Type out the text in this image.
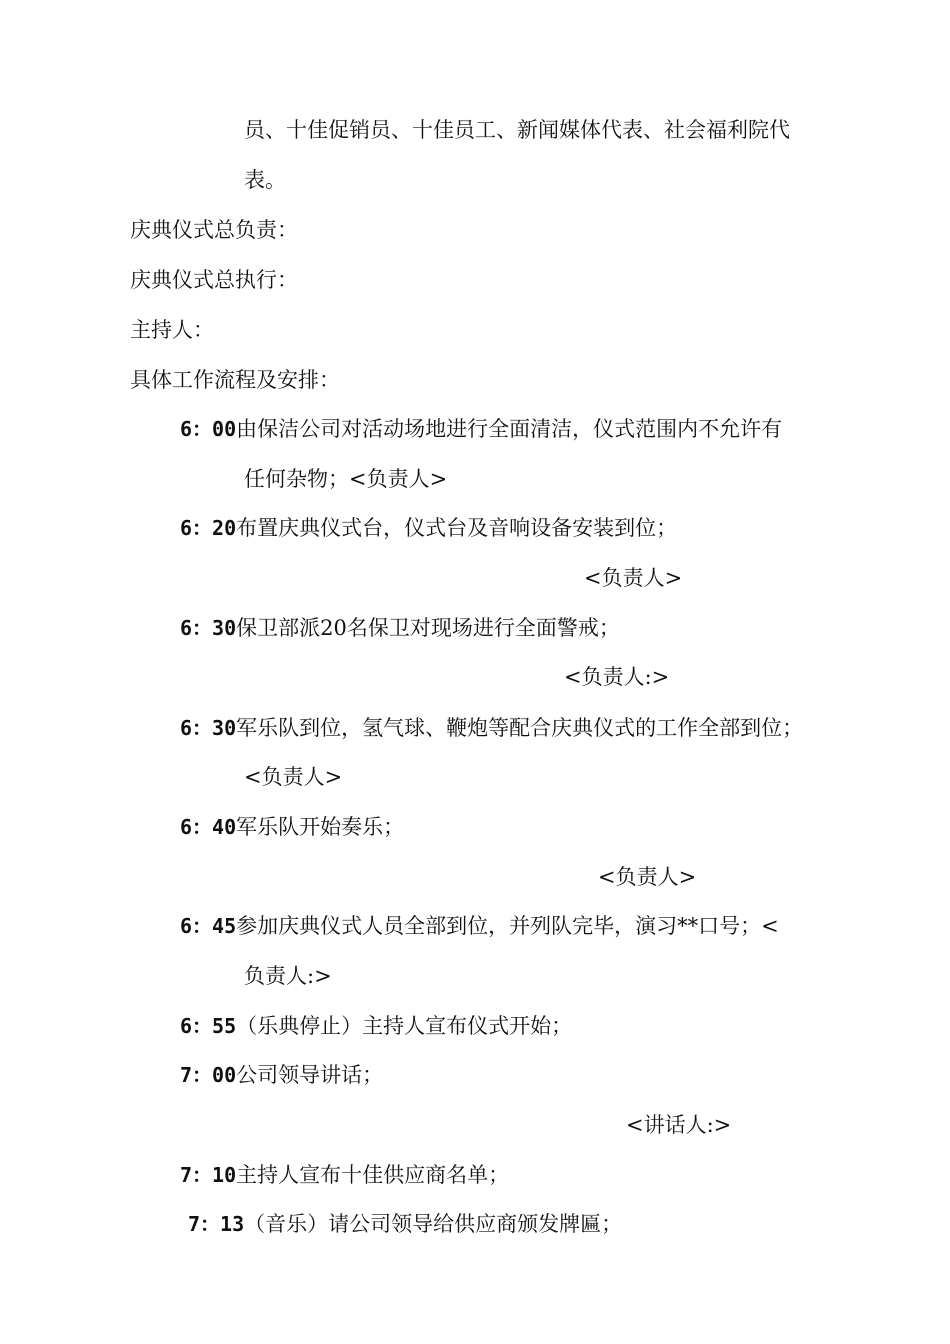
员、十佳促销员、十佳员工、新闻媒体代表、社会福利院代
表。
庆典仪式总负责：
庆典仪式总执行：
主持人：
具体工作流程及安排：
6：00由保洁公司对活动场地进行全面清洁，仪式范围内不允许有
任何杂物；<负责人>
6：20布置庆典仪式台，仪式台及音响设备安装到位；
<负责人>
6：30保卫部派20名保卫对现场进行全面警戒；
<负责人:>
6：30军乐队到位，氢气球、鞭炮等配合庆典仪式的工作全部到位；
<负责人>
6：40军乐队开始奏乐；
<负责人>
6：45参加庆典仪式人员全部到位，并列队完毕，演习**口号；<
负责人:>
6：55（乐典停止）主持人宣布仪式开始；
7：00公司领导讲话；
<讲话人:>
7：10主持人宣布十佳供应商名单；
7：13（音乐）请公司领导给供应商颁发牌匾；
